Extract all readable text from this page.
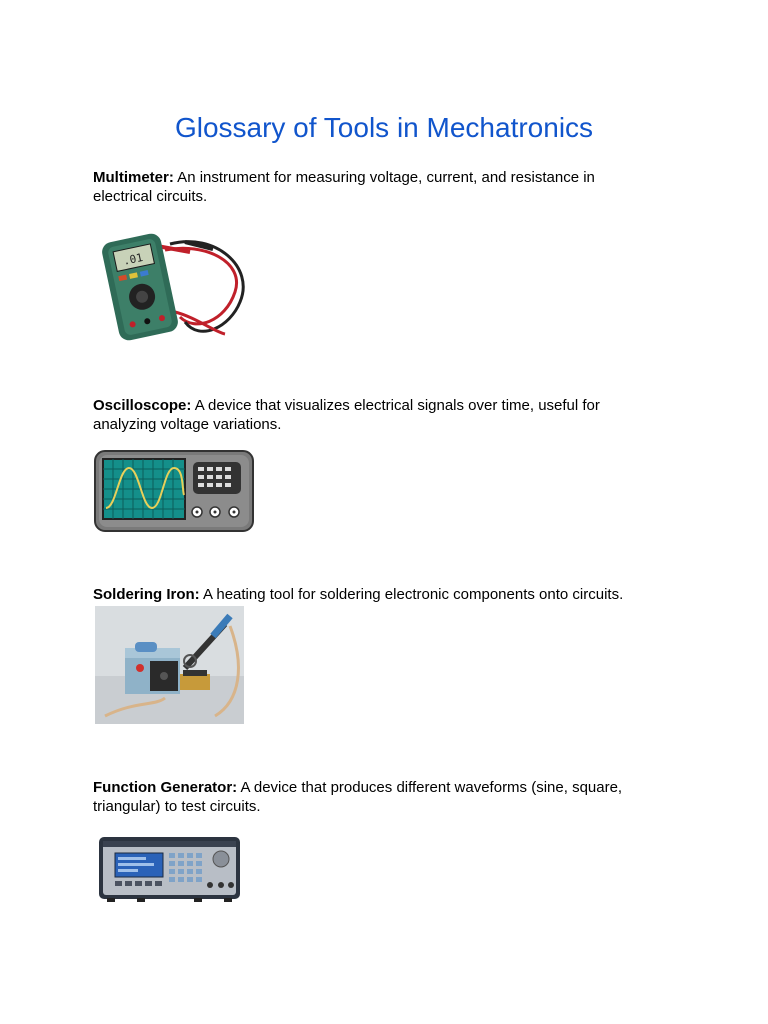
Glossary of Tools in Mechatronics
Multimeter: An instrument for measuring voltage, current, and resistance in electrical circuits.
.01
Oscilloscope: A device that visualizes electrical signals over time, useful for analyzing voltage variations.
Soldering Iron: A heating tool for soldering electronic components onto circuits.
Function Generator: A device that produces different waveforms (sine, square, triangular) to test circuits.
